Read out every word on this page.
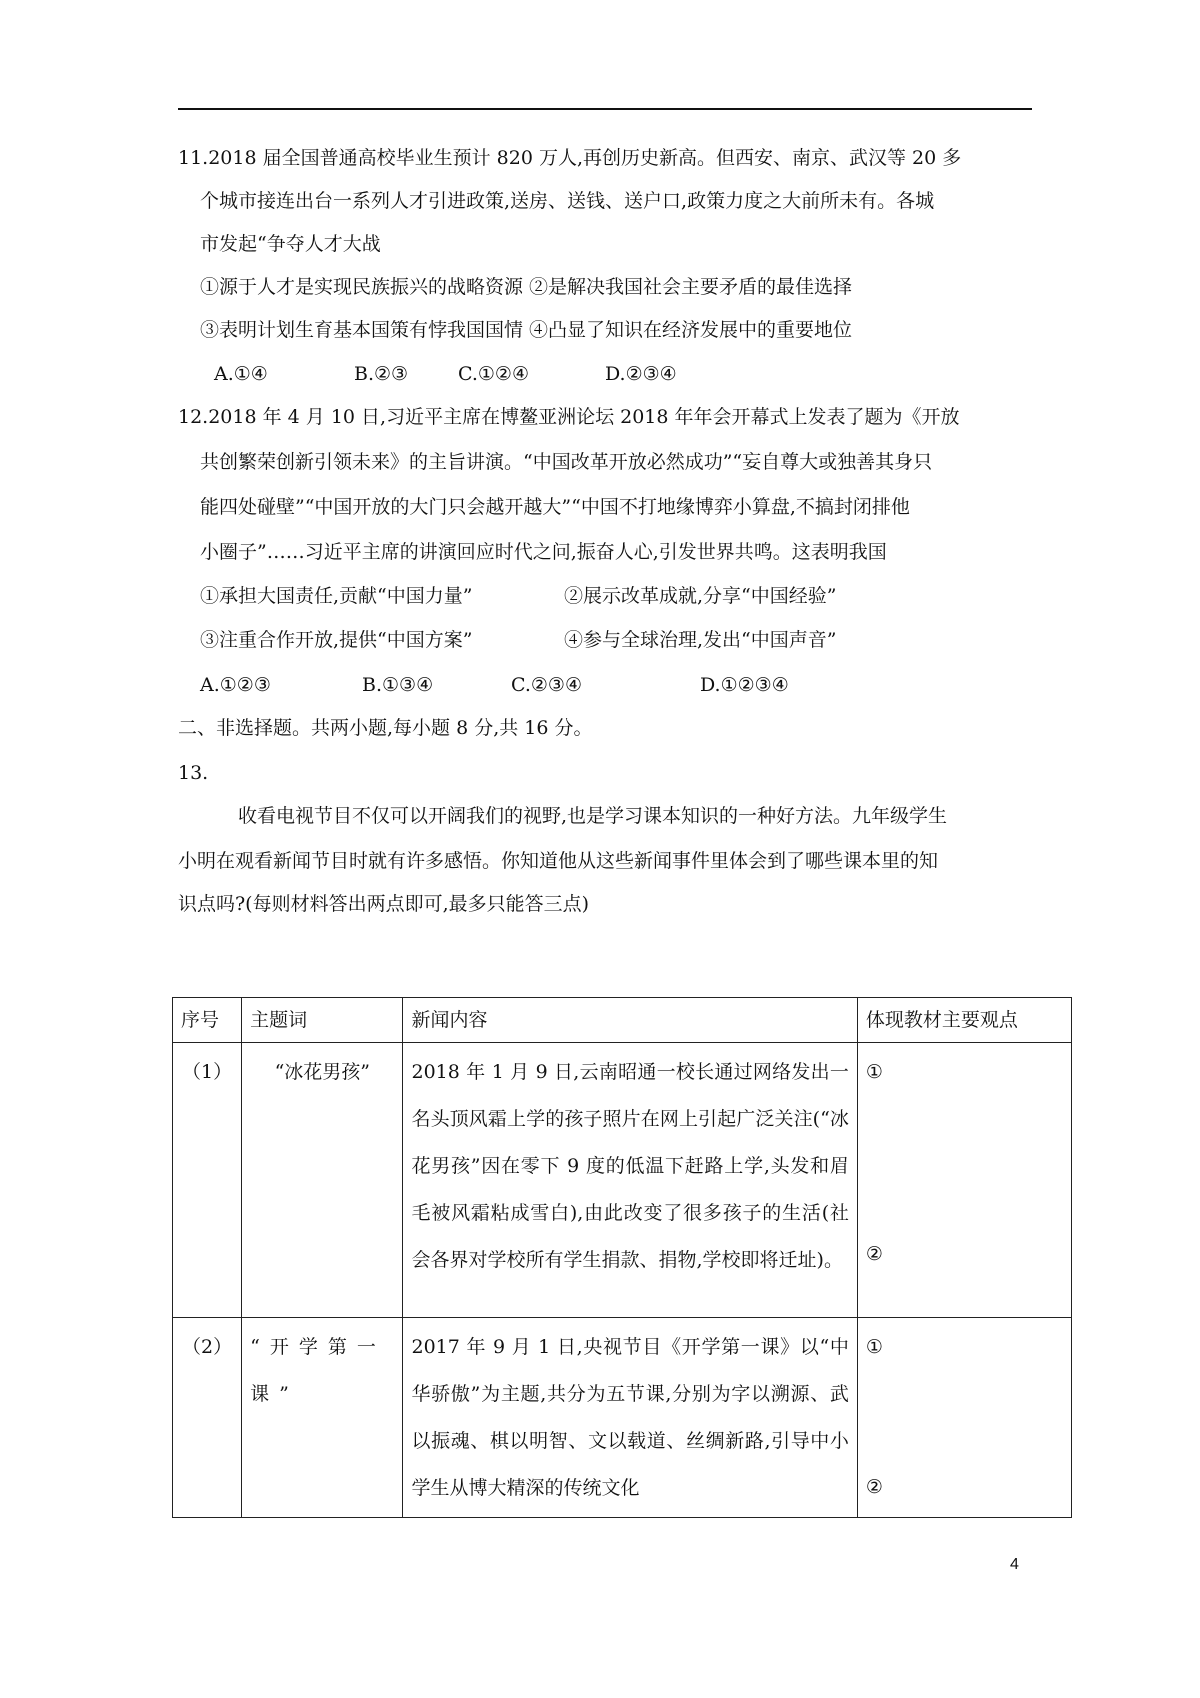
11.2018 届全国普通高校毕业生预计 820 万人,再创历史新高。但西安、南京、武汉等 20 多
个城市接连出台一系列人才引进政策,送房、送钱、送户口,政策力度之大前所未有。各城
市发起“争夺人才大战
①源于人才是实现民族振兴的战略资源 ②是解决我国社会主要矛盾的最佳选择
③表明计划生育基本国策有悖我国国情 ④凸显了知识在经济发展中的重要地位
A.①④	B.②③	C.①②④	D.②③④
12.2018 年 4 月 10 日,习近平主席在博鳌亚洲论坛 2018 年年会开幕式上发表了题为《开放
共创繁荣创新引领未来》的主旨讲演。“中国改革开放必然成功”“妄自尊大或独善其身只
能四处碰壁”“中国开放的大门只会越开越大”“中国不打地缘博弈小算盘,不搞封闭排他
小圈子”……习近平主席的讲演回应时代之问,振奋人心,引发世界共鸣。这表明我国
①承担大国责任,贡献“中国力量”	②展示改革成就,分享“中国经验”
③注重合作开放,提供“中国方案”	④参与全球治理,发出“中国声音”
A.①②③	B.①③④	C.②③④	D.①②③④
二、非选择题。共两小题,每小题 8 分,共 16 分。
13.
收看电视节目不仅可以开阔我们的视野,也是学习课本知识的一种好方法。九年级学生
小明在观看新闻节目时就有许多感悟。你知道他从这些新闻事件里体会到了哪些课本里的知
识点吗?(每则材料答出两点即可,最多只能答三点)
序号	主题词	新闻内容	体现教材主要观点
（1）	“冰花男孩”	2018 年 1 月 9 日,云南昭通一校长通过网络发出一名头顶风霜上学的孩子照片在网上引起广泛关注(“冰花男孩”因在零下 9 度的低温下赶路上学,头发和眉毛被风霜粘成雪白),由此改变了很多孩子的生活(社会各界对学校所有学生捐款、捐物,学校即将迁址)。	①
②

（2）	“开学第一课”	2017 年 9 月 1 日,央视节目《开学第一课》以“中华骄傲”为主题,共分为五节课,分别为字以溯源、武以振魂、棋以明智、文以载道、丝绸新路,引导中小学生从博大精深的传统文化	①
②
4
